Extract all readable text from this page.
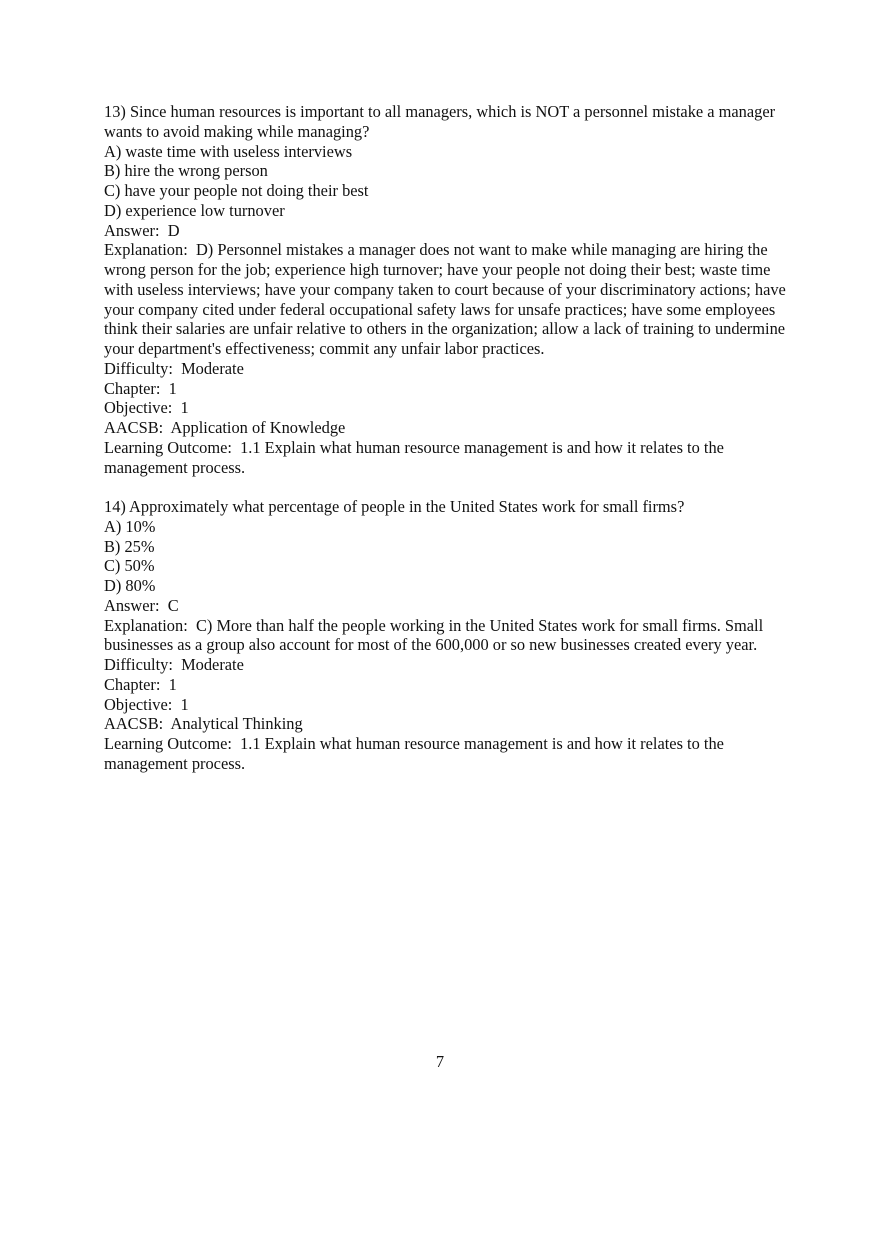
13) Since human resources is important to all managers, which is NOT a personnel mistake a manager wants to avoid making while managing?
A) waste time with useless interviews
B) hire the wrong person
C) have your people not doing their best
D) experience low turnover
Answer:  D
Explanation:  D) Personnel mistakes a manager does not want to make while managing are hiring the wrong person for the job; experience high turnover; have your people not doing their best; waste time with useless interviews; have your company taken to court because of your discriminatory actions; have your company cited under federal occupational safety laws for unsafe practices; have some employees think their salaries are unfair relative to others in the organization; allow a lack of training to undermine your department's effectiveness; commit any unfair labor practices.
Difficulty:  Moderate
Chapter:  1
Objective:  1
AACSB:  Application of Knowledge
Learning Outcome:  1.1 Explain what human resource management is and how it relates to the management process.
14) Approximately what percentage of people in the United States work for small firms?
A) 10%
B) 25%
C) 50%
D) 80%
Answer:  C
Explanation:  C) More than half the people working in the United States work for small firms. Small businesses as a group also account for most of the 600,000 or so new businesses created every year.
Difficulty:  Moderate
Chapter:  1
Objective:  1
AACSB:  Analytical Thinking
Learning Outcome:  1.1 Explain what human resource management is and how it relates to the management process.
7
